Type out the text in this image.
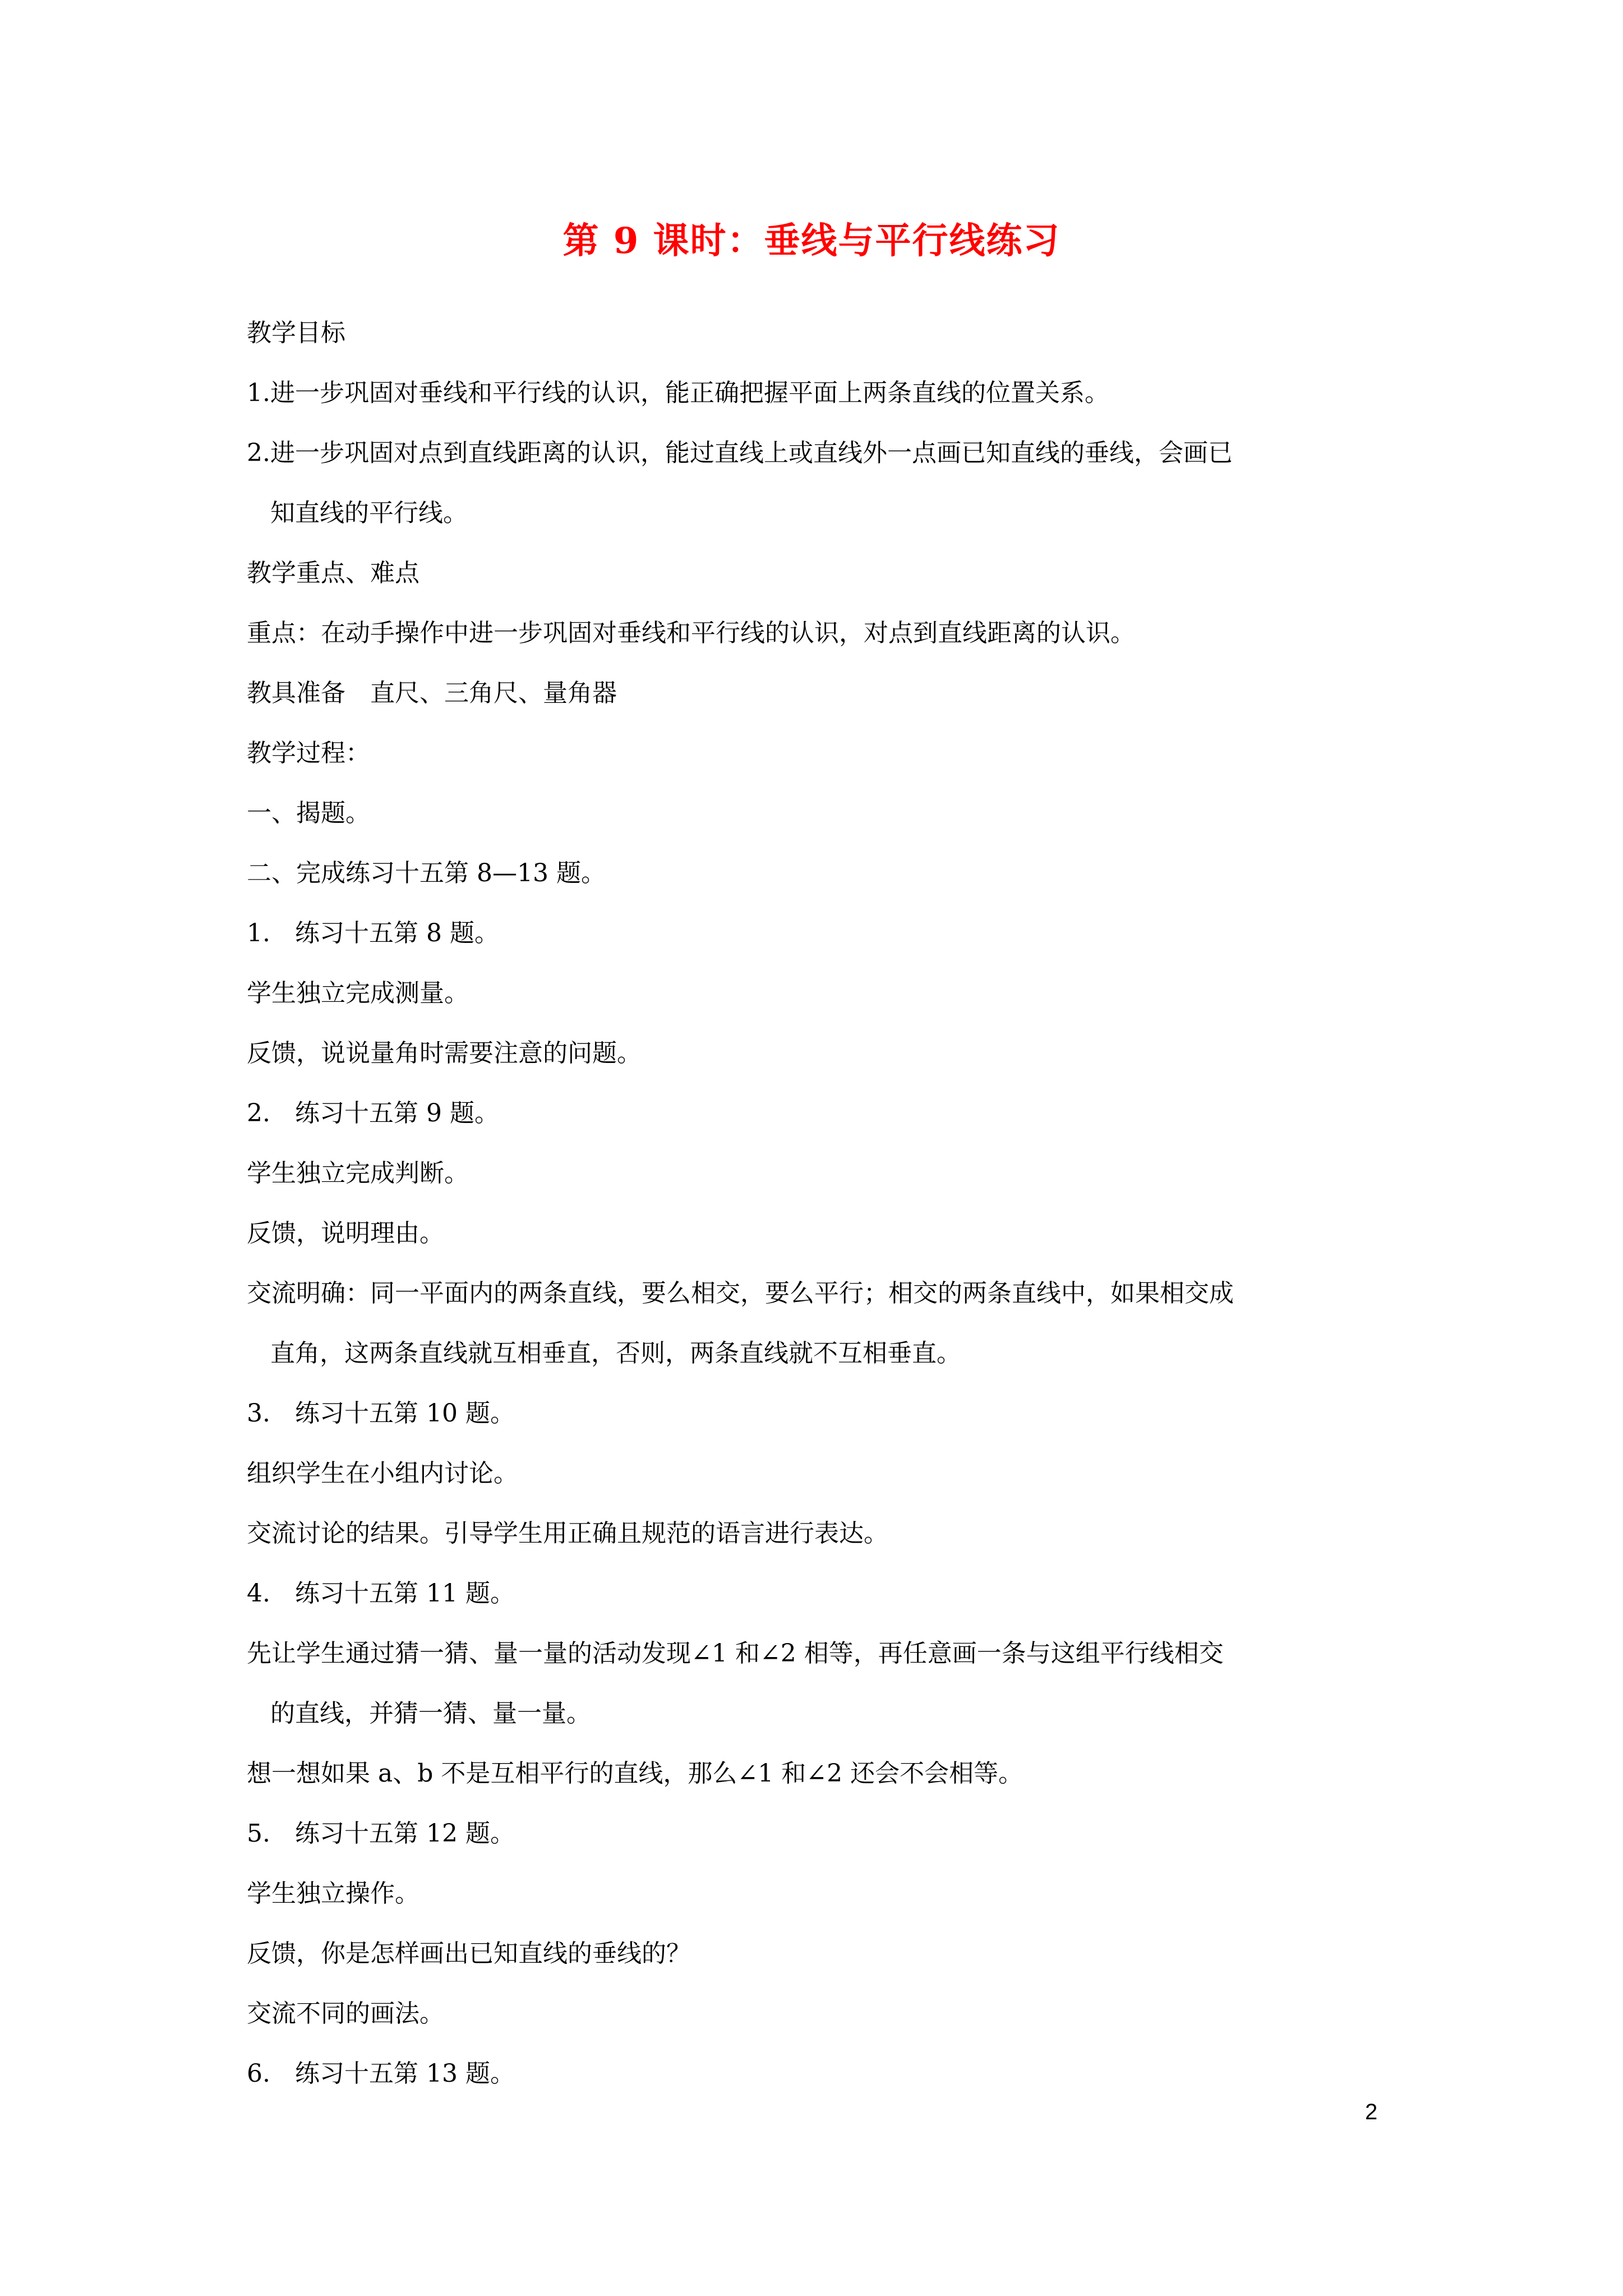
第 9 课时：垂线与平行线练习
教学目标
1.进一步巩固对垂线和平行线的认识，能正确把握平面上两条直线的位置关系。
2.进一步巩固对点到直线距离的认识，能过直线上或直线外一点画已知直线的垂线，会画已
知直线的平行线。
教学重点、难点
重点：在动手操作中进一步巩固对垂线和平行线的认识，对点到直线距离的认识。
教具准备　直尺、三角尺、量角器
教学过程：
一、揭题。
二、完成练习十五第 8—13 题。
1.　练习十五第 8 题。
学生独立完成测量。
反馈，说说量角时需要注意的问题。
2.　练习十五第 9 题。
学生独立完成判断。
反馈，说明理由。
交流明确：同一平面内的两条直线，要么相交，要么平行；相交的两条直线中，如果相交成
直角，这两条直线就互相垂直，否则，两条直线就不互相垂直。
3.　练习十五第 10 题。
组织学生在小组内讨论。
交流讨论的结果。引导学生用正确且规范的语言进行表达。
4.　练习十五第 11 题。
先让学生通过猜一猜、量一量的活动发现∠1 和∠2 相等，再任意画一条与这组平行线相交
的直线，并猜一猜、量一量。
想一想如果 a、b 不是互相平行的直线，那么∠1 和∠2 还会不会相等。
5.　练习十五第 12 题。
学生独立操作。
反馈，你是怎样画出已知直线的垂线的？
交流不同的画法。
6.　练习十五第 13 题。
2
